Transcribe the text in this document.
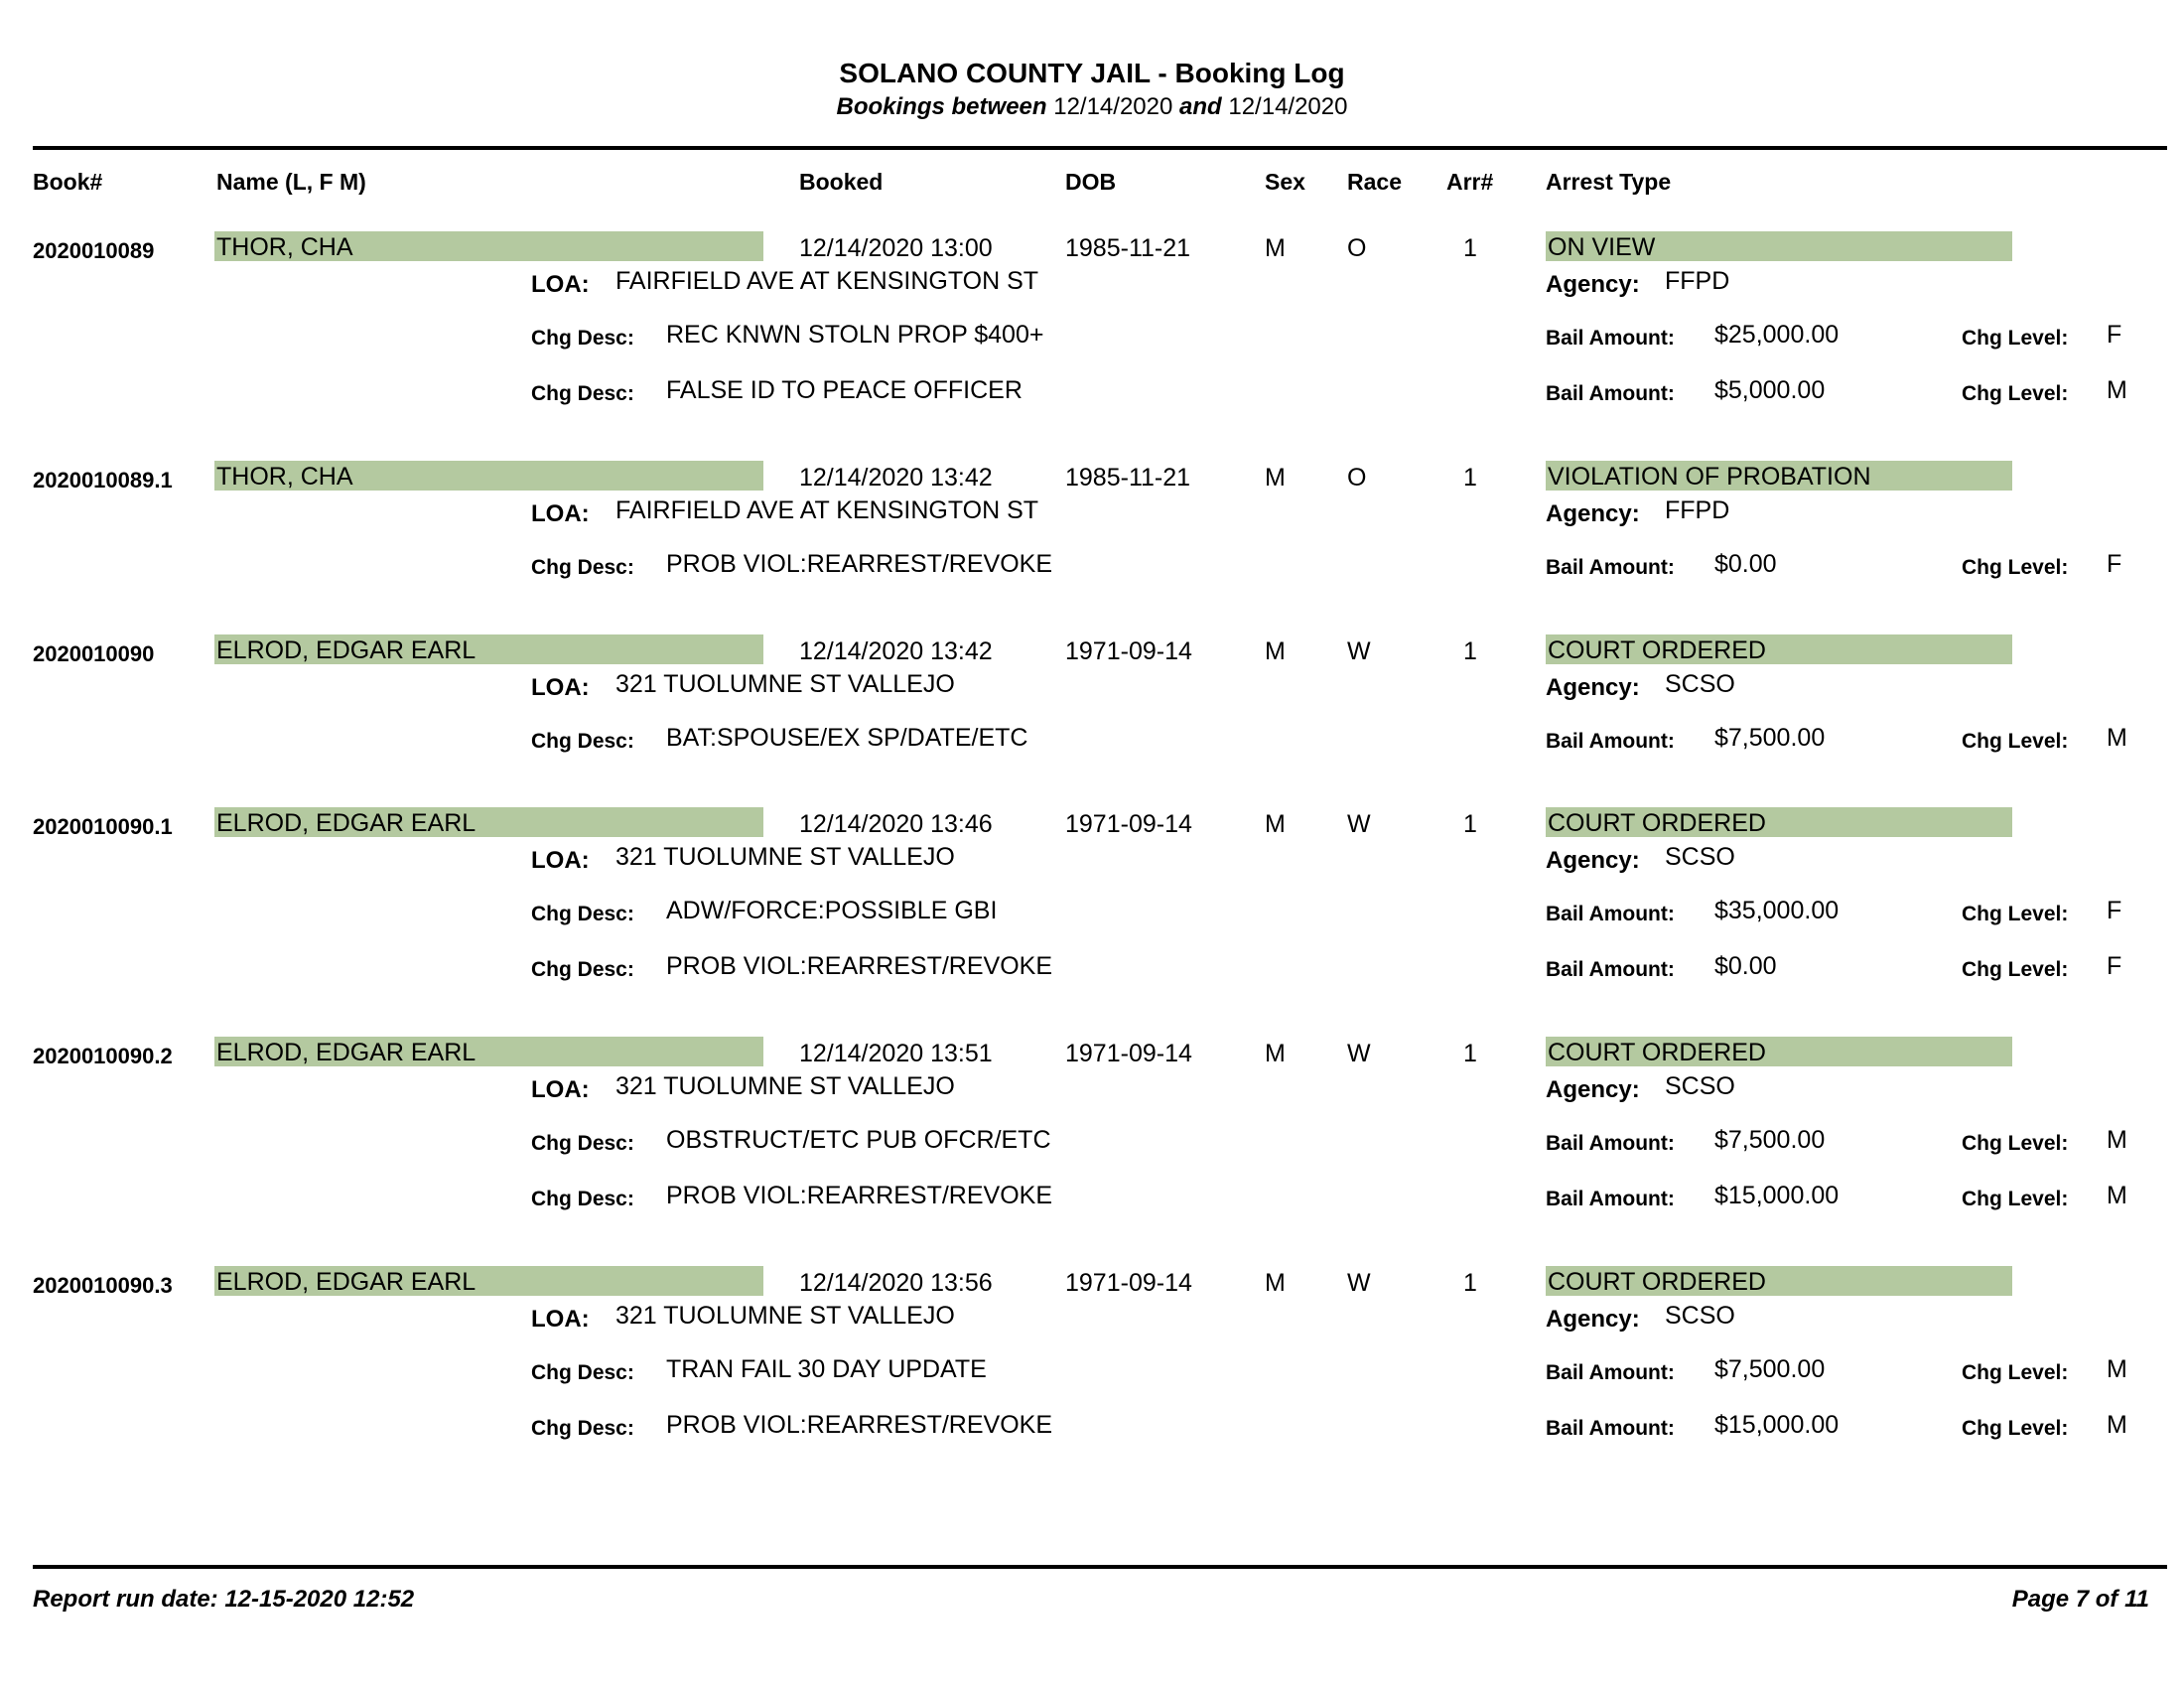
SOLANO COUNTY JAIL - Booking Log
Bookings between 12/14/2020 and 12/14/2020
Book#	Name (L, F M)	Booked	DOB	Sex Race Arr# Arrest Type
2020010089	THOR, CHA	12/14/2020 13:00	1985-11-21	M O	1	ON VIEW
LOA: FAIRFIELD AVE AT KENSINGTON ST	Agency: FFPD
Chg Desc: REC KNWN STOLN PROP $400+	Bail Amount: $25,000.00	Chg Level: F
Chg Desc: FALSE ID TO PEACE OFFICER	Bail Amount: $5,000.00	Chg Level: M
2020010089.1 THOR, CHA	12/14/2020 13:42	1985-11-21	M O	1	VIOLATION OF PROBATION
LOA: FAIRFIELD AVE AT KENSINGTON ST	Agency: FFPD
Chg Desc: PROB VIOL:REARREST/REVOKE	Bail Amount: $0.00	Chg Level: F
2020010090	ELROD, EDGAR EARL	12/14/2020 13:42	1971-09-14	M W	1	COURT ORDERED
LOA: 321 TUOLUMNE ST VALLEJO	Agency: SCSO
Chg Desc: BAT:SPOUSE/EX SP/DATE/ETC	Bail Amount: $7,500.00	Chg Level: M
2020010090.1 ELROD, EDGAR EARL	12/14/2020 13:46	1971-09-14	M W	1	COURT ORDERED
LOA: 321 TUOLUMNE ST VALLEJO	Agency: SCSO
Chg Desc: ADW/FORCE:POSSIBLE GBI	Bail Amount: $35,000.00	Chg Level: F
Chg Desc: PROB VIOL:REARREST/REVOKE	Bail Amount: $0.00	Chg Level: F
2020010090.2 ELROD, EDGAR EARL	12/14/2020 13:51	1971-09-14	M W	1	COURT ORDERED
LOA: 321 TUOLUMNE ST VALLEJO	Agency: SCSO
Chg Desc: OBSTRUCT/ETC PUB OFCR/ETC	Bail Amount: $7,500.00	Chg Level: M
Chg Desc: PROB VIOL:REARREST/REVOKE	Bail Amount: $15,000.00	Chg Level: M
2020010090.3 ELROD, EDGAR EARL	12/14/2020 13:56	1971-09-14	M W	1	COURT ORDERED
LOA: 321 TUOLUMNE ST VALLEJO	Agency: SCSO
Chg Desc: TRAN FAIL 30 DAY UPDATE	Bail Amount: $7,500.00	Chg Level: M
Chg Desc: PROB VIOL:REARREST/REVOKE	Bail Amount: $15,000.00	Chg Level: M
Report run date: 12-15-2020 12:52	Page 7 of 11
